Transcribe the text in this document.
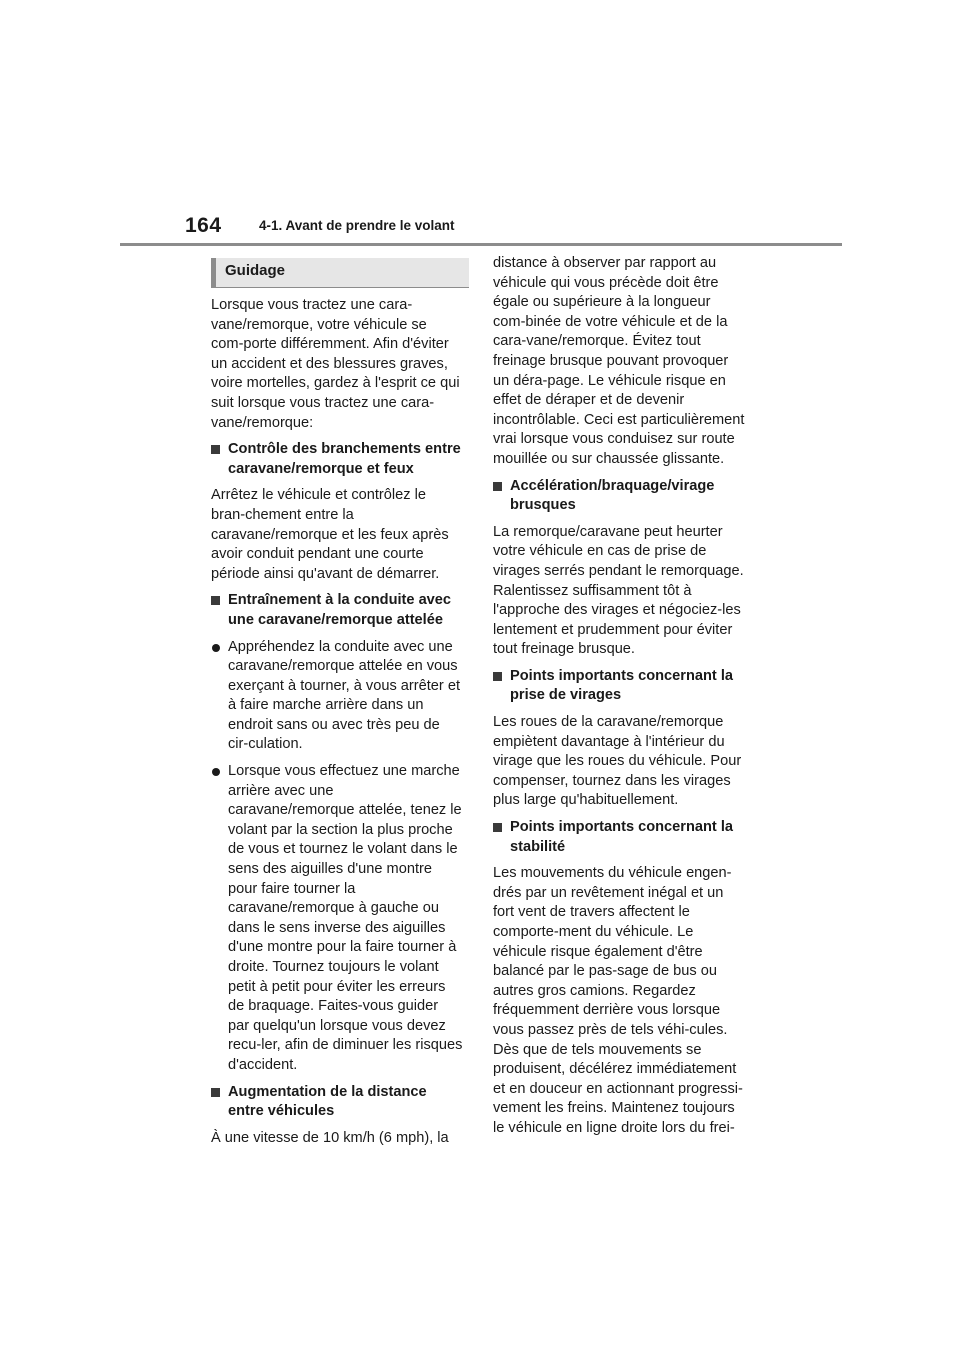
164	4-1. Avant de prendre le volant
Guidage

Lorsque vous tractez une cara-vane/remorque, votre véhicule se com-porte différemment. Afin d'éviter un accident et des blessures graves, voire mortelles, gardez à l'esprit ce qui suit lorsque vous tractez une cara-vane/remorque:

Contrôle des branchements entre caravane/remorque et feux

Arrêtez le véhicule et contrôlez le bran-chement entre la caravane/remorque et les feux après avoir conduit pendant une courte période ainsi qu'avant de démarrer.

Entraînement à la conduite avec une caravane/remorque attelée
Appréhendez la conduite avec une caravane/remorque attelée en vous exerçant à tourner, à vous arrêter et à faire marche arrière dans un endroit sans ou avec très peu de cir-culation.
Lorsque vous effectuez une marche arrière avec une caravane/remorque attelée, tenez le volant par la section la plus proche de vous et tournez le volant dans le sens des aiguilles d'une montre pour faire tourner la caravane/remorque à gauche ou dans le sens inverse des aiguilles d'une montre pour la faire tourner à droite. Tournez toujours le volant petit à petit pour éviter les erreurs de braquage. Faites-vous guider par quelqu'un lorsque vous devez recu-ler, afin de diminuer les risques d'accident.
Augmentation de la distance entre véhicules

À une vitesse de 10 km/h (6 mph), la

distance à observer par rapport au véhicule qui vous précède doit être égale ou supérieure à la longueur com-binée de votre véhicule et de la cara-vane/remorque. Évitez tout freinage brusque pouvant provoquer un déra-page. Le véhicule risque en effet de déraper et de devenir incontrôlable. Ceci est particulièrement vrai lorsque vous conduisez sur route mouillée ou sur chaussée glissante.

Accélération/braquage/virage brusques

La remorque/caravane peut heurter votre véhicule en cas de prise de virages serrés pendant le remorquage. Ralentissez suffisamment tôt à l'approche des virages et négociez-les lentement et prudemment pour éviter tout freinage brusque.

Points importants concernant la prise de virages

Les roues de la caravane/remorque empiètent davantage à l'intérieur du virage que les roues du véhicule. Pour compenser, tournez dans les virages plus large qu'habituellement.

Points importants concernant la stabilité

Les mouvements du véhicule engen-drés par un revêtement inégal et un fort vent de travers affectent le comporte-ment du véhicule. Le véhicule risque également d'être balancé par le pas-sage de bus ou autres gros camions. Regardez fréquemment derrière vous lorsque vous passez près de tels véhi-cules. Dès que de tels mouvements se produisent, décélérez immédiatement et en douceur en actionnant progressi-vement les freins. Maintenez toujours le véhicule en ligne droite lors du frei-
